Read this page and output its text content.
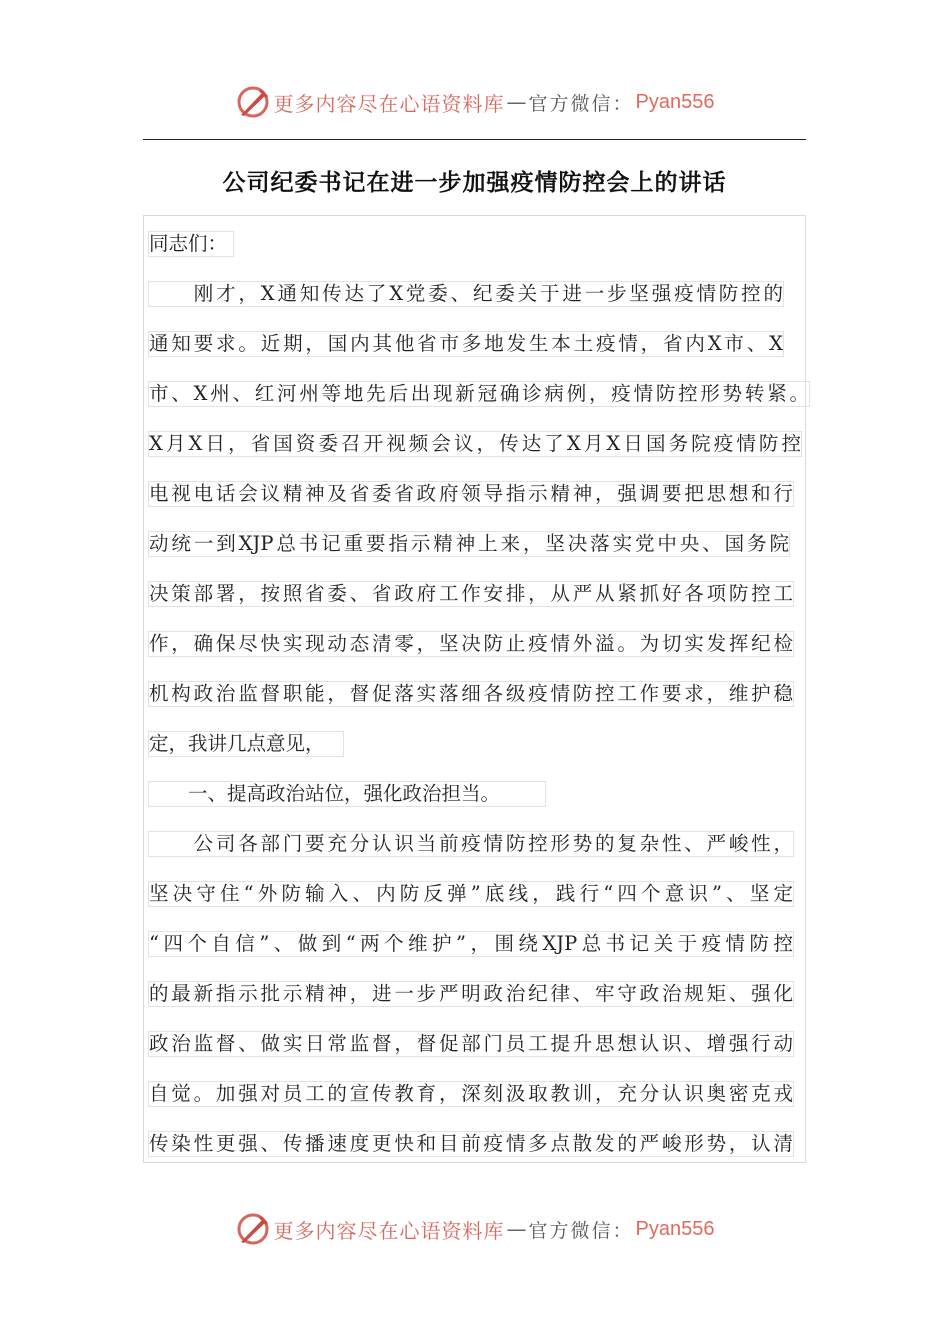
更多内容尽在心语资料库 — 官方微信： Pyan556
公司纪委书记在进一步加强疫情防控会上的讲话
同志们：
　　刚才，X通知传达了X党委、纪委关于进一步坚强疫情防控的
通知要求。近期，国内其他省市多地发生本土疫情，省内X市、X
市、X州、红河州等地先后出现新冠确诊病例，疫情防控形势转紧。
X月X日，省国资委召开视频会议，传达了X月X日国务院疫情防控
电视电话会议精神及省委省政府领导指示精神，强调要把思想和行
动统一到XJP总书记重要指示精神上来，坚决落实党中央、国务院
决策部署，按照省委、省政府工作安排，从严从紧抓好各项防控工
作，确保尽快实现动态清零，坚决防止疫情外溢。为切实发挥纪检
机构政治监督职能，督促落实落细各级疫情防控工作要求，维护稳
定，我讲几点意见，
　　一、提高政治站位，强化政治担当。
　　公司各部门要充分认识当前疫情防控形势的复杂性、严峻性，
坚决守住“外防输入、内防反弹”底线，践行“四个意识”、坚定
“四个自信”、做到“两个维护”，围绕XJP总书记关于疫情防控
的最新指示批示精神，进一步严明政治纪律、牢守政治规矩、强化
政治监督、做实日常监督，督促部门员工提升思想认识、增强行动
自觉。加强对员工的宣传教育，深刻汲取教训，充分认识奥密克戎
传染性更强、传播速度更快和目前疫情多点散发的严峻形势，认清
更多内容尽在心语资料库 — 官方微信： Pyan556
